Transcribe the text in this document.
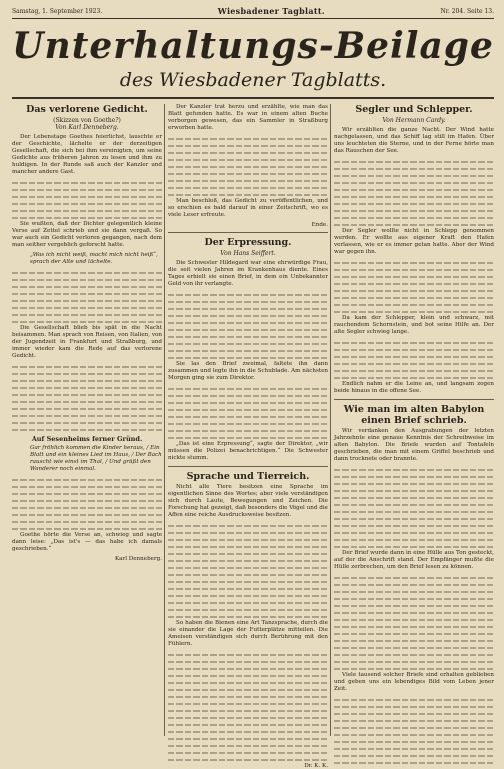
Samstag, 1. September 1923.	Wiesbadener Tagblatt.	Nr. 204. Seite 13.
Unterhaltungs-Beilage
des Wiesbadener Tagblatts.
Das verlorene Gedicht.

(Skizzen von Goethe?)

Von Karl Denneberg.

Der Lebenstage Goethes feierlichst, lauschte er der Geschichte, lächelte er der derzeitigen Gesellschaft, die sich bei ihm vereinigten, um seine Gedichte aus früheren Jahren zu lesen und ihm zu huldigen. In der Runde saß auch der Kanzler und mancher andere Gast.

Sie wußten, daß der Dichter gelegentlich kleine Verse auf Zettel schrieb und sie dann vergaß. So war auch ein Gedicht verloren gegangen, nach dem man seither vergeblich geforscht hatte.

„Was ich nicht weiß, macht mich nicht heiß“, sprach der Alte und lächelte.

Die Gesellschaft blieb bis spät in die Nacht beisammen. Man sprach von Reisen, von Italien, von der Jugendzeit in Frankfurt und Straßburg, und immer wieder kam die Rede auf das verlorene Gedicht.

Auf Sesenheims ferner Gründ.

Gar fröhlich kommen die Kinder heraus, / Ein Blatt und ein kleines Lied im Haus, / Der Bach rauscht wie einst im Thal, / Und grüßt den Wanderer noch einmal.

Goethe hörte die Verse an, schwieg und sagte dann leise: „Das ist's — das habe ich damals geschrieben.“

Karl Denneberg.

Der Kanzler trat herzu und erzählte, wie man das Blatt gefunden hatte. Es war in einem alten Buche verborgen gewesen, das ein Sammler in Straßburg erworben hatte.

Man beschloß, das Gedicht zu veröffentlichen, und so erschien es bald darauf in einer Zeitschrift, wo es viele Leser erfreute.

Ende.

Der Erpressung.

Von Hans Seiffert.

Die Schwester Hildegard war eine ehrwürdige Frau, die seit vielen Jahren im Krankenhaus diente. Eines Tages erhielt sie einen Brief, in dem ein Unbekannter Geld von ihr verlangte.

Sie las den Brief zweimal, faltete ihn dann zusammen und legte ihn in die Schublade. Am nächsten Morgen ging sie zum Direktor.

„Das ist eine Erpressung“, sagte der Direktor, „wir müssen die Polizei benachrichtigen.“ Die Schwester nickte stumm.

Sprache und Tierreich.

Nicht alle Tiere besitzen eine Sprache im eigentlichen Sinne des Wortes; aber viele verständigen sich durch Laute, Bewegungen und Zeichen. Die Forschung hat gezeigt, daß besonders die Vögel und die Affen eine reiche Ausdrucksweise besitzen.

So haben die Bienen eine Art Tanzsprache, durch die sie einander die Lage der Futterplätze mitteilen. Die Ameisen verständigen sich durch Berührung mit den Fühlern.

Dr. K. K.

Segler und Schlepper.

Von Hermann Cardy.

Wir erzählten die ganze Nacht. Der Wind hatte nachgelassen, und das Schiff lag still im Hafen. Über uns leuchteten die Sterne, und in der Ferne hörte man das Rauschen der See.

Der Segler wollte nicht in Schlepp genommen werden. Er wollte aus eigener Kraft den Hafen verlassen, wie er es immer getan hatte. Aber der Wind war gegen ihn.

Da kam der Schlepper, klein und schwarz, mit rauchendem Schornstein, und bot seine Hilfe an. Der alte Segler schwieg lange.

Endlich nahm er die Leine an, und langsam zogen beide hinaus in die offene See.

Wie man im alten Babylon einen Brief schrieb.

Wir verdanken den Ausgrabungen der letzten Jahrzehnte eine genaue Kenntnis der Schreibweise im alten Babylon. Die Briefe wurden auf Tontafeln geschrieben, die man mit einem Griffel beschrieb und dann trocknete oder brannte.

Der Brief wurde dann in eine Hülle aus Ton gesteckt, auf der die Anschrift stand. Der Empfänger mußte die Hülle zerbrechen, um den Brief lesen zu können.

Viele tausend solcher Briefe sind erhalten geblieben und geben uns ein lebendiges Bild vom Leben jener Zeit.
